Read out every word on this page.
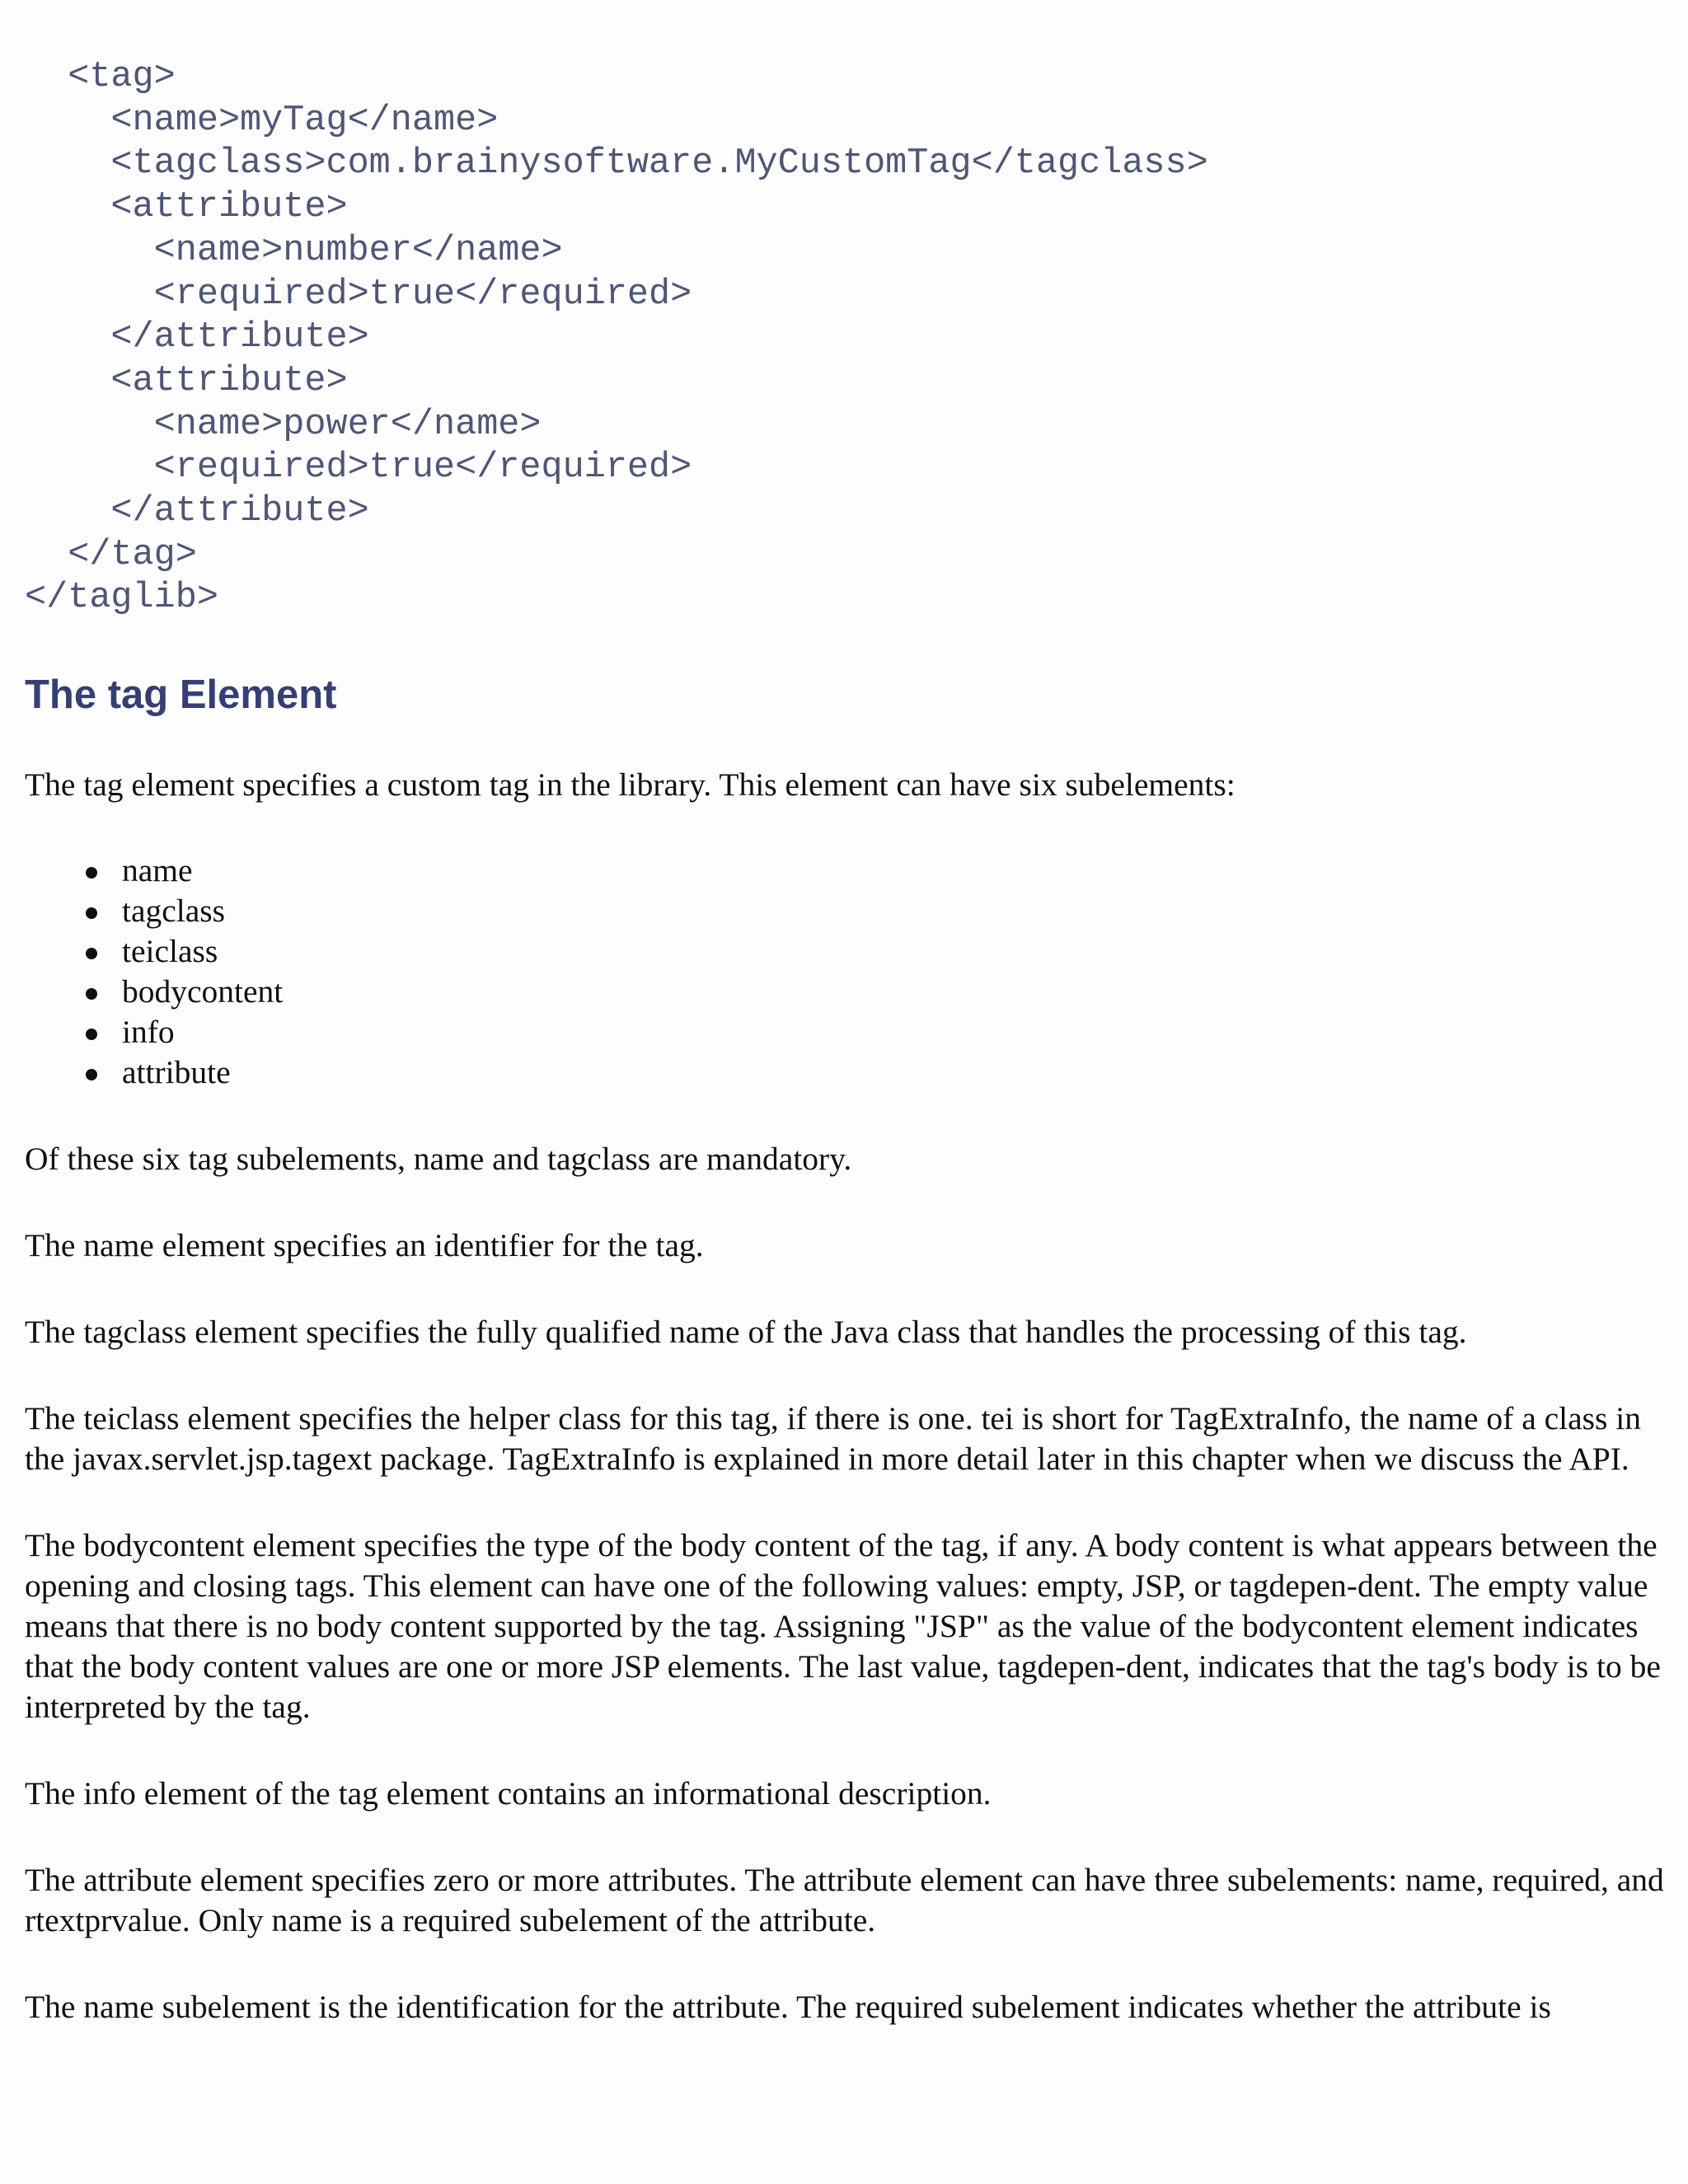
<tag>
<name>myTag</name>
<tagclass>com.brainysoftware.MyCustomTag</tagclass>
<attribute>
<name>number</name>
<required>true</required>
</attribute>
<attribute>
<name>power</name>
<required>true</required>
</attribute>
</tag>
</taglib>
The tag Element

The tag element specifies a custom tag in the library. This element can have six subelements:

name
tagclass
teiclass
bodycontent
info
attribute

Of these six tag subelements, name and tagclass are mandatory.

The name element specifies an identifier for the tag.

The tagclass element specifies the fully qualified name of the Java class that handles the processing of this tag.

The teiclass element specifies the helper class for this tag, if there is one. tei is short for TagExtraInfo, the name of a class in the javax.servlet.jsp.tagext package. TagExtraInfo is explained in more detail later in this chapter when we discuss the API.

The bodycontent element specifies the type of the body content of the tag, if any. A body content is what appears between the opening and closing tags. This element can have one of the following values: empty, JSP, or tagdepen-dent. The empty value means that there is no body content supported by the tag. Assigning "JSP" as the value of the bodycontent element indicates that the body content values are one or more JSP elements. The last value, tagdepen-dent, indicates that the tag's body is to be interpreted by the tag.

The info element of the tag element contains an informational description.

The attribute element specifies zero or more attributes. The attribute element can have three subelements: name, required, and rtextprvalue. Only name is a required subelement of the attribute.

The name subelement is the identification for the attribute. The required subelement indicates whether the attribute is
